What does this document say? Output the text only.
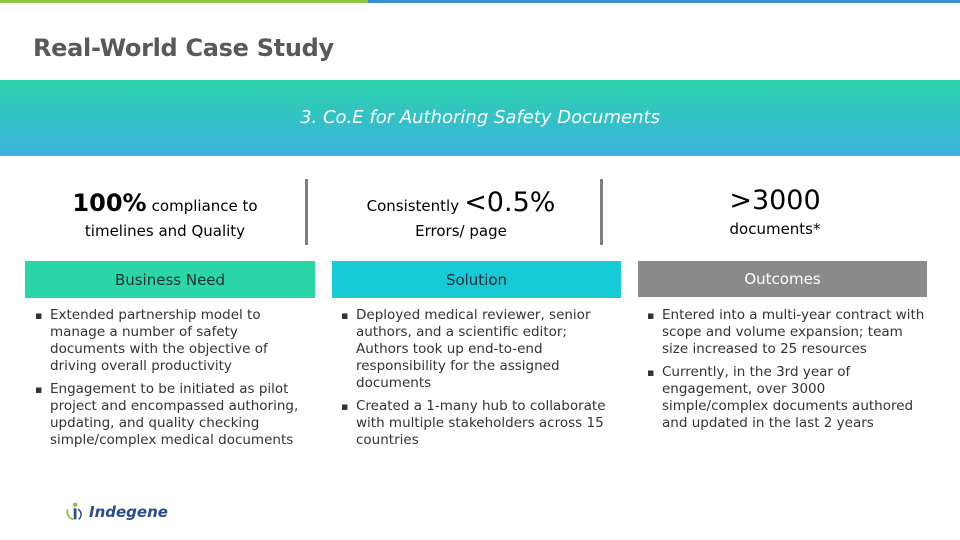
Real-World Case Study
3. Co.E for Authoring Safety Documents
100% compliance to
timelines and Quality
Consistently <0.5%
Errors/ page
>3000
documents*
Business Need	Solution	Outcomes
▪ Extended partnership model to manage a number of safety documents with the objective of driving overall productivity
▪ Engagement to be initiated as pilot project and encompassed authoring, updating, and quality checking simple/complex medical documents
▪ Deployed medical reviewer, senior authors, and a scientific editor; Authors took up end-to-end responsibility for the assigned documents
▪ Created a 1-many hub to collaborate with multiple stakeholders across 15 countries
▪ Entered into a multi-year contract with scope and volume expansion; team size increased to 25 resources
▪ Currently, in the 3rd year of engagement, over 3000 simple/complex documents authored and updated in the last 2 years
Indegene
